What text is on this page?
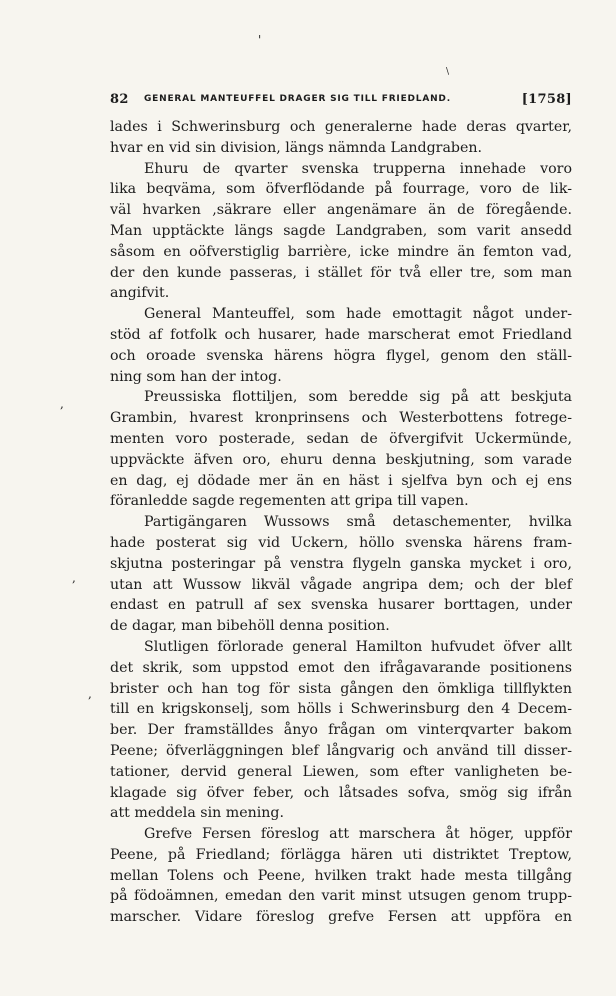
'
\
,
,
,
82 GENERAL MANTEUFFEL DRAGER SIG TILL FRIEDLAND.	[1758]
lades i Schwerinsburg och generalerne hade deras qvarter,
hvar en vid sin division, längs nämnda Landgraben.
Ehuru de qvarter svenska trupperna innehade voro
lika beqväma, som öfverflödande på fourrage, voro de lik-
väl hvarken ,säkrare eller angenämare än de föregående.
Man upptäckte längs sagde Landgraben, som varit ansedd
såsom en oöfverstiglig barrière, icke mindre än femton vad,
der den kunde passeras, i stället för två eller tre, som man
angifvit.
General Manteuffel, som hade emottagit något under-
stöd af fotfolk och husarer, hade marscherat emot Friedland
och oroade svenska härens högra flygel, genom den ställ-
ning som han der intog.
Preussiska flottiljen, som beredde sig på att beskjuta
Grambin, hvarest kronprinsens och Westerbottens fotrege-
menten voro posterade, sedan de öfvergifvit Uckermünde,
uppväckte äfven oro, ehuru denna beskjutning, som varade
en dag, ej dödade mer än en häst i sjelfva byn och ej ens
föranledde sagde regementen att gripa till vapen.
Partigängaren Wussows små detaschementer, hvilka
hade posterat sig vid Uckern, höllo svenska härens fram-
skjutna posteringar på venstra flygeln ganska mycket i oro,
utan att Wussow likväl vågade angripa dem; och der blef
endast en patrull af sex svenska husarer borttagen, under
de dagar, man bibehöll denna position.
Slutligen förlorade general Hamilton hufvudet öfver allt
det skrik, som uppstod emot den ifrågavarande positionens
brister och han tog för sista gången den ömkliga tillflykten
till en krigskonselj, som hölls i Schwerinsburg den 4 Decem-
ber. Der framställdes ånyo frågan om vinterqvarter bakom
Peene; öfverläggningen blef långvarig och använd till disser-
tationer, dervid general Liewen, som efter vanligheten be-
klagade sig öfver feber, och låtsades sofva, smög sig ifrån
att meddela sin mening.
Grefve Fersen föreslog att marschera åt höger, uppför
Peene, på Friedland; förlägga hären uti distriktet Treptow,
mellan Tolens och Peene, hvilken trakt hade mesta tillgång
på födoämnen, emedan den varit minst utsugen genom trupp-
marscher. Vidare föreslog grefve Fersen att uppföra en
